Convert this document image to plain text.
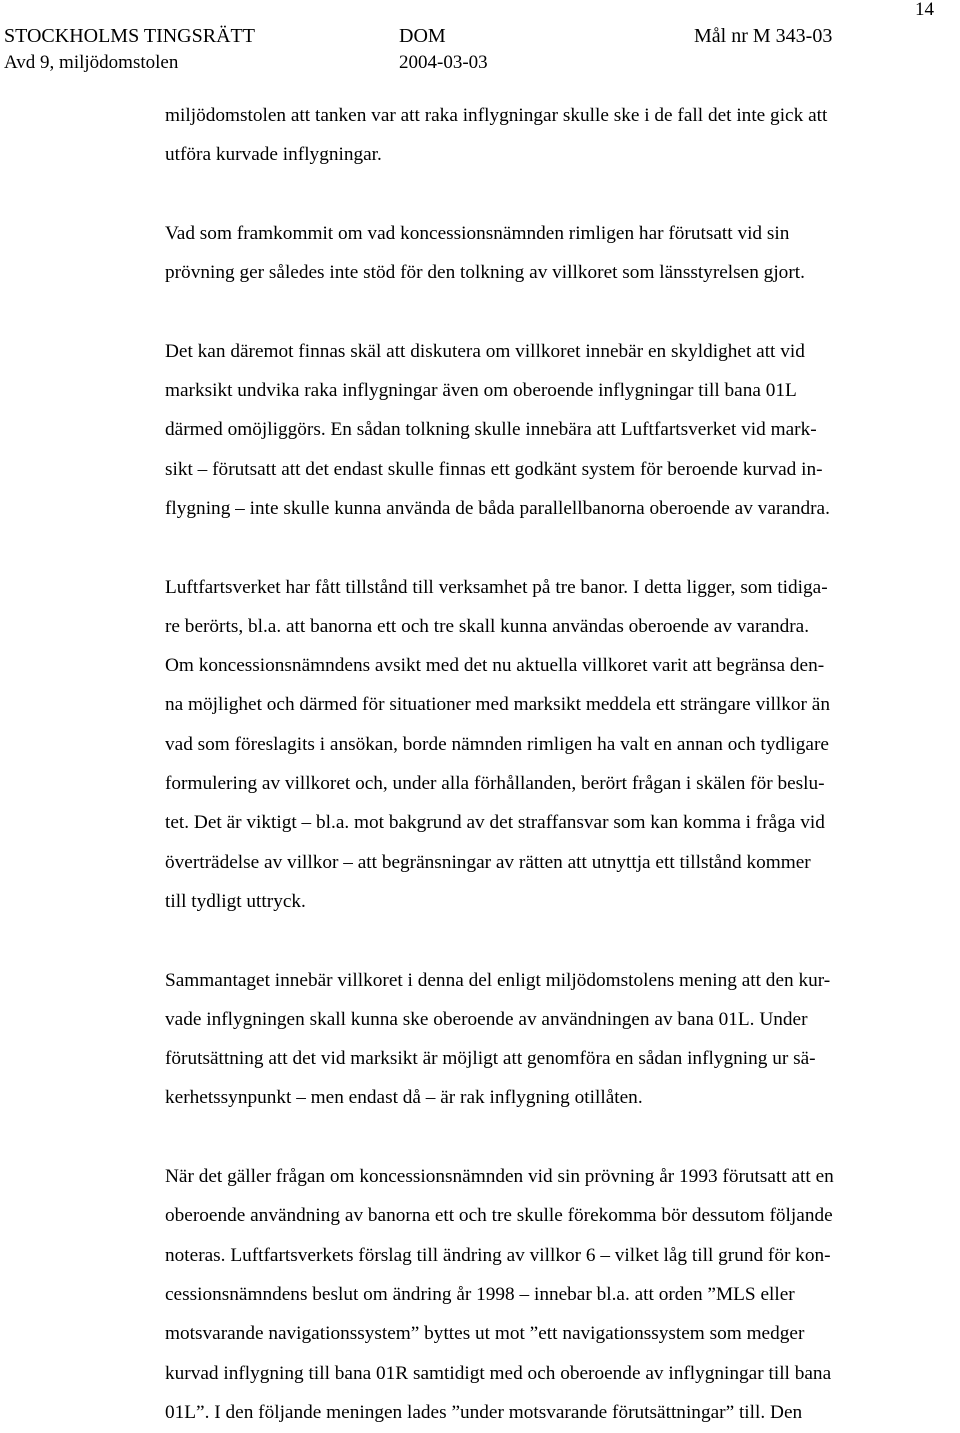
STOCKHOLMS TINGSRÄTT	DOM	Mål nr M 343-03
Avd 9, miljödomstolen	2004-03-03
14
miljödomstolen att tanken var att raka inflygningar skulle ske i de fall det inte gick att
utföra kurvade inflygningar.
Vad som framkommit om vad koncessionsnämnden rimligen har förutsatt vid sin
prövning ger således inte stöd för den tolkning av villkoret som länsstyrelsen gjort.
Det kan däremot finnas skäl att diskutera om villkoret innebär en skyldighet att vid
marksikt undvika raka inflygningar även om oberoende inflygningar till bana 01L
därmed omöjliggörs. En sådan tolkning skulle innebära att Luftfartsverket vid mark-
sikt – förutsatt att det endast skulle finnas ett godkänt system för beroende kurvad in-
flygning – inte skulle kunna använda de båda parallellbanorna oberoende av varandra.
Luftfartsverket har fått tillstånd till verksamhet på tre banor. I detta ligger, som tidiga-
re berörts, bl.a. att banorna ett och tre skall kunna användas oberoende av varandra.
Om koncessionsnämndens avsikt med det nu aktuella villkoret varit att begränsa den-
na möjlighet och därmed för situationer med marksikt meddela ett strängare villkor än
vad som föreslagits i ansökan, borde nämnden rimligen ha valt en annan och tydligare
formulering av villkoret och, under alla förhållanden, berört frågan i skälen för beslu-
tet. Det är viktigt – bl.a. mot bakgrund av det straffansvar som kan komma i fråga vid
överträdelse av villkor – att begränsningar av rätten att utnyttja ett tillstånd kommer
till tydligt uttryck.
Sammantaget innebär villkoret i denna del enligt miljödomstolens mening att den kur-
vade inflygningen skall kunna ske oberoende av användningen av bana 01L. Under
förutsättning att det vid marksikt är möjligt att genomföra en sådan inflygning ur sä-
kerhetssynpunkt – men endast då – är rak inflygning otillåten.
När det gäller frågan om koncessionsnämnden vid sin prövning år 1993 förutsatt att en
oberoende användning av banorna ett och tre skulle förekomma bör dessutom följande
noteras. Luftfartsverkets förslag till ändring av villkor 6 – vilket låg till grund för kon-
cessionsnämndens beslut om ändring år 1998 – innebar bl.a. att orden ”MLS eller
motsvarande navigationssystem” byttes ut mot ”ett navigationssystem som medger
kurvad inflygning till bana 01R samtidigt med och oberoende av inflygningar till bana
01L”. I den följande meningen lades ”under motsvarande förutsättningar” till. Den
